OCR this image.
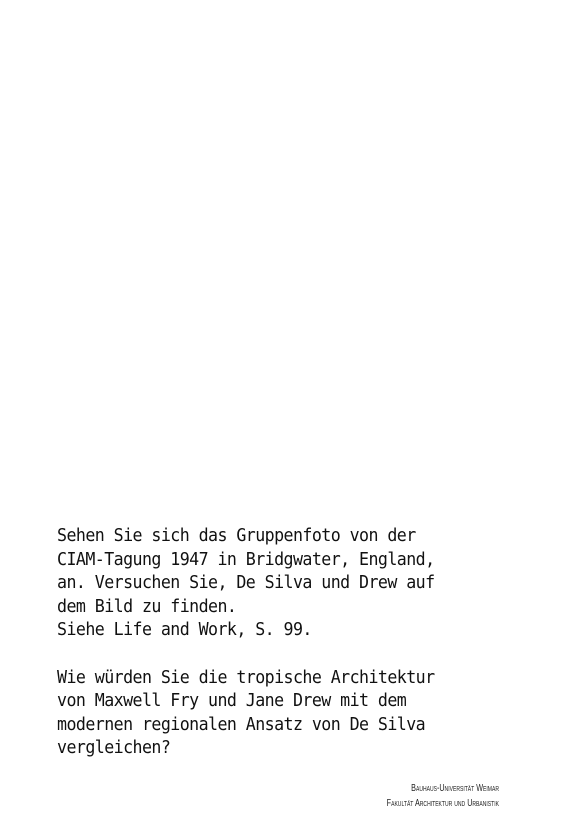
Sehen Sie sich das Gruppenfoto von der
CIAM-Tagung 1947 in Bridgwater, England,
an. Versuchen Sie, De Silva und Drew auf
dem Bild zu finden.
Siehe Life and Work, S. 99.

Wie würden Sie die tropische Architektur
von Maxwell Fry und Jane Drew mit dem
modernen regionalen Ansatz von De Silva
vergleichen?

Bauhaus-Universität Weimar
Fakultät Architektur und Urbanistik
